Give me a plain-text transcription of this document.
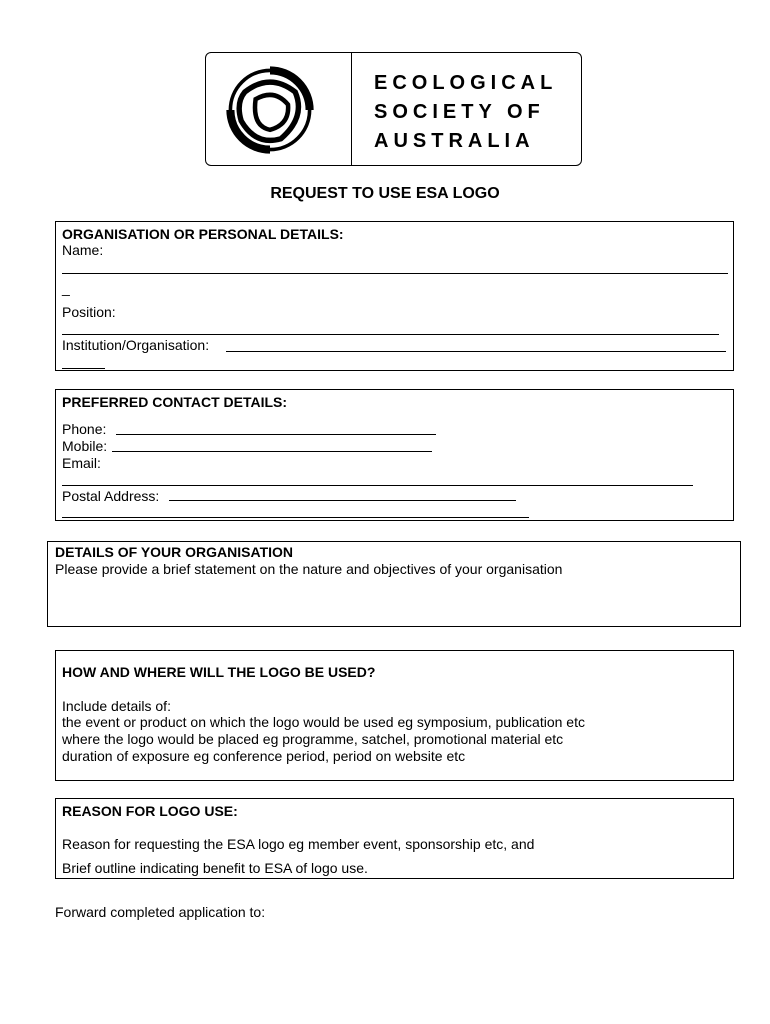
ECOLOGICAL
SOCIETY OF
AUSTRALIA
REQUEST TO USE ESA LOGO
ORGANISATION OR PERSONAL DETAILS:
Name:
_
Position:
Institution/Organisation:
PREFERRED CONTACT DETAILS:
Phone:
Mobile:
Email:
Postal Address:
DETAILS OF YOUR ORGANISATION
Please provide a brief statement on the nature and objectives of your organisation
HOW AND WHERE WILL THE LOGO BE USED?
Include details of:
the event or product on which the logo would be used eg symposium, publication etc
where the logo would be placed eg programme, satchel, promotional material etc
duration of exposure eg conference period, period on website etc
REASON FOR LOGO USE:
Reason for requesting the ESA logo eg member event, sponsorship etc, and
Brief outline indicating benefit to ESA of logo use.
Forward completed application to:
